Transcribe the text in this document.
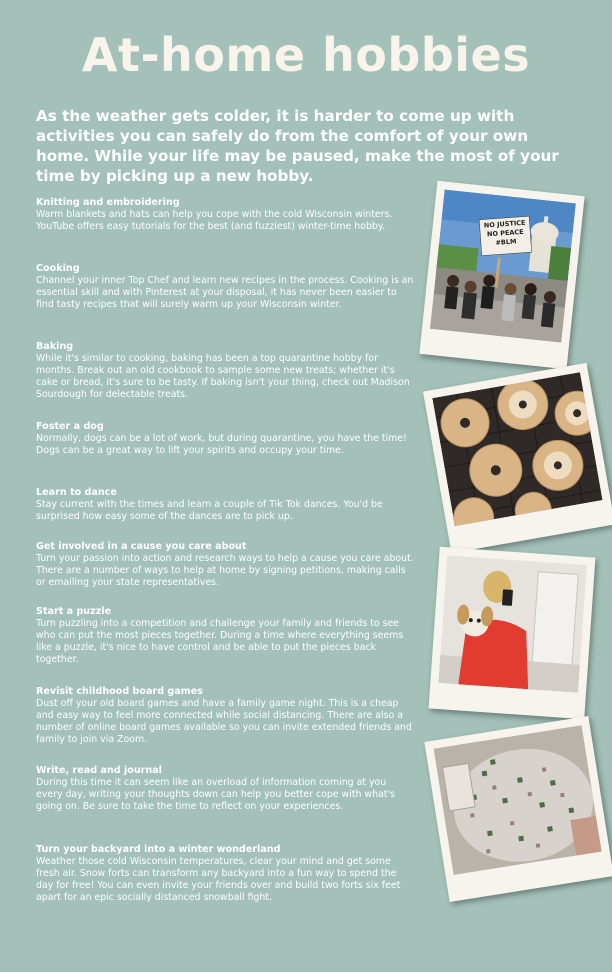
At-home hobbies
As the weather gets colder, it is harder to come up with activities you can safely do from the comfort of your own home. While your life may be paused, make the most of your time by picking up a new hobby.
Knitting and embroidering

Warm blankets and hats can help you cope with the cold Wisconsin winters. YouTube offers easy tutorials for the best (and fuzziest) winter-time hobby.

Cooking

Channel your inner Top Chef and learn new recipes in the process. Cooking is an essential skill and with Pinterest at your disposal, it has never been easier to find tasty recipes that will surely warm up your Wisconsin winter.

Baking

While it's similar to cooking, baking has been a top quarantine hobby for months. Break out an old cookbook to sample some new treats; whether it's cake or bread, it's sure to be tasty. If baking isn't your thing, check out Madison Sourdough for delectable treats.

Foster a dog

Normally, dogs can be a lot of work, but during quarantine, you have the time! Dogs can be a great way to lift your spirits and occupy your time.

Learn to dance

Stay current with the times and learn a couple of Tik Tok dances. You'd be surprised how easy some of the dances are to pick up.

Get involved in a cause you care about

Turn your passion into action and research ways to help a cause you care about. There are a number of ways to help at home by signing petitions, making calls or emailing your state representatives.

Start a puzzle

Turn puzzling into a competition and challenge your family and friends to see who can put the most pieces together. During a time where everything seems like a puzzle, it's nice to have control and be able to put the pieces back together.

Revisit childhood board games

Dust off your old board games and have a family game night. This is a cheap and easy way to feel more connected while social distancing. There are also a number of online board games available so you can invite extended friends and family to join via Zoom.

Write, read and journal

During this time it can seem like an overload of information coming at you every day, writing your thoughts down can help you better cope with what's going on. Be sure to take the time to reflect on your experiences.

Turn your backyard into a winter wonderland

Weather those cold Wisconsin temperatures, clear your mind and get some fresh air. Snow forts can transform any backyard into a fun way to spend the day for free! You can even invite your friends over and build two forts six feet apart for an epic socially distanced snowball fight.

NO JUSTICE
NO PEACE
#BLM
